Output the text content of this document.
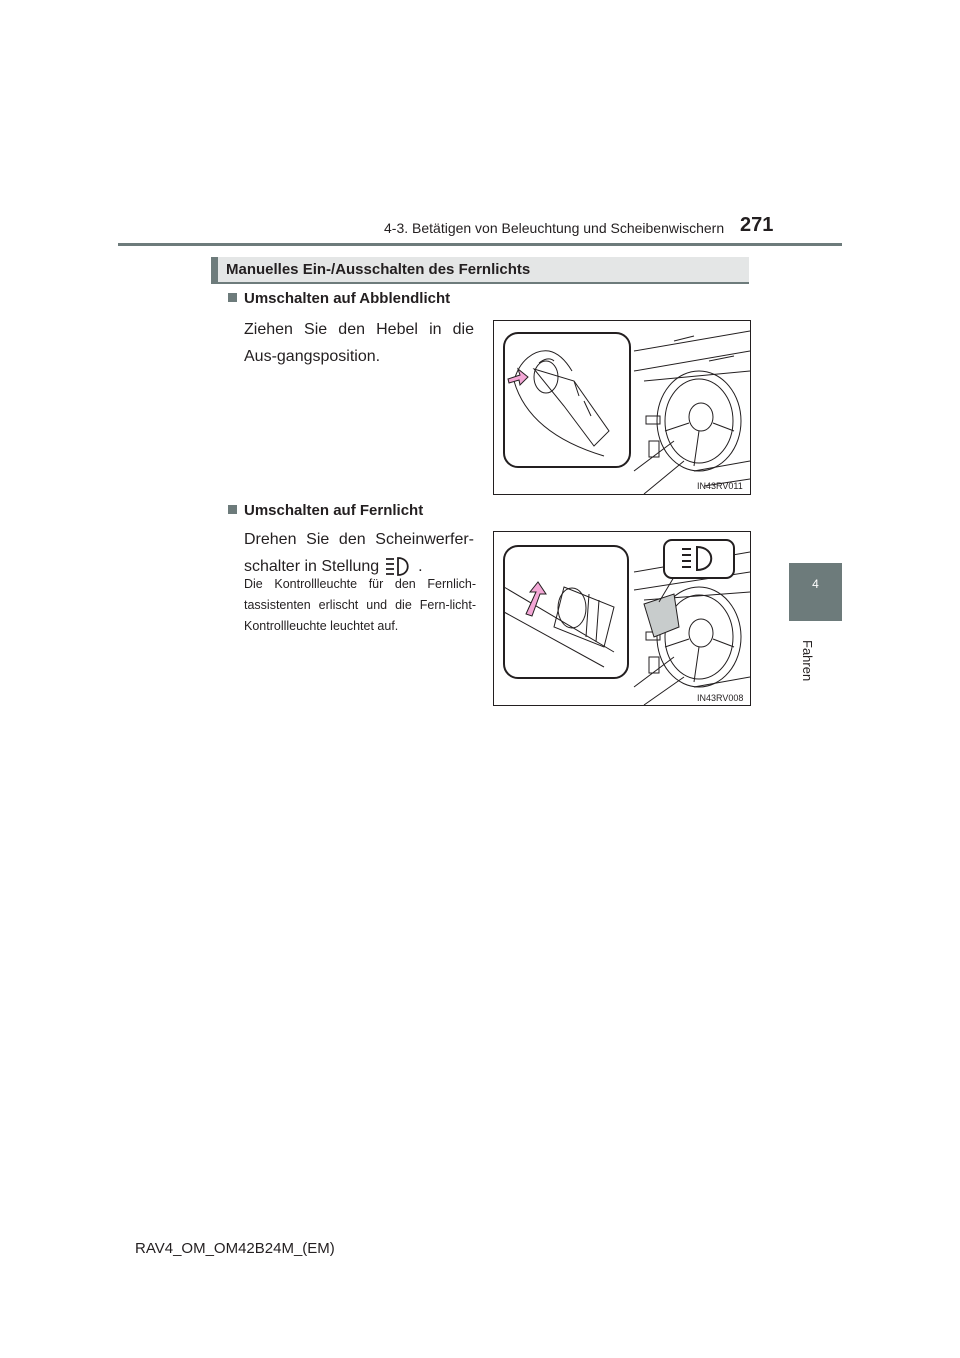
4-3. Betätigen von Beleuchtung und Scheibenwischern 271
4
Fahren
Manuelles Ein-/Ausschalten des Fernlichts
Umschalten auf Abblendlicht
Ziehen Sie den Hebel in die Aus-gangsposition.
IN43RV011
Umschalten auf Fernlicht
Drehen Sie den Scheinwerfer-schalter in Stellung .
Die Kontrollleuchte für den Fernlich-tassistenten erlischt und die Fern-licht-Kontrollleuchte leuchtet auf.
IN43RV008
RAV4_OM_OM42B24M_(EM)
